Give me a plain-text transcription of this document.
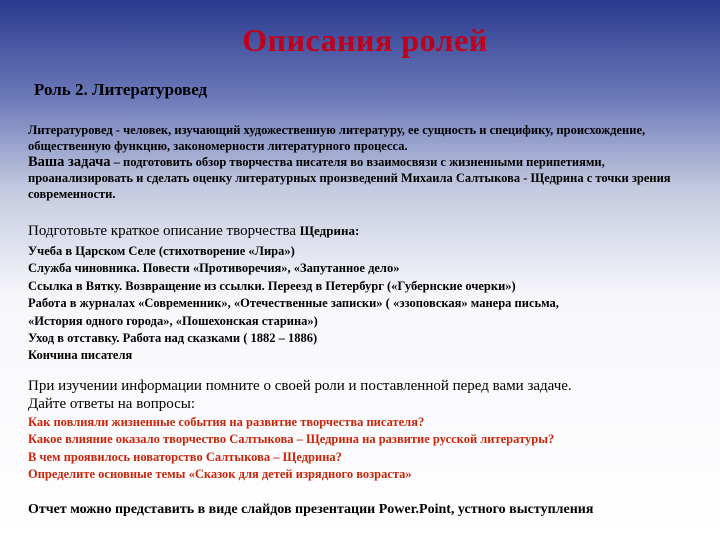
Описания ролей
Роль 2. Литературовед
Литературовед - человек, изучающий художественную литературу, ее сущность и специфику, происхождение, общественную функцию, закономерности литературного процесса.
Ваша задача – подготовить обзор творчества писателя во взаимосвязи с жизненными перипетиями, проанализировать и сделать оценку литературных произведений Михаила Салтыкова - Щедрина с точки зрения современности.
Подготовьте краткое описание творчества Щедрина:
Учеба в Царском Селе (стихотворение «Лира»)
Служба чиновника. Повести «Противоречия», «Запутанное дело»
Ссылка в Вятку. Возвращение из ссылки. Переезд в Петербург («Губернские очерки»)
Работа в журналах «Современник», «Отечественные записки» ( «эзоповская» манера письма,
«История одного города», «Пошехонская старина»)
Уход в отставку. Работа над сказками ( 1882 – 1886)
Кончина писателя
При изучении информации помните о своей роли и поставленной перед вами задаче.
Дайте ответы на вопросы:
Как повлияли жизненные события на развитие творчества писателя?
Какое влияние оказало творчество Салтыкова – Щедрина на развитие русской литературы?
В чем проявилось новаторство Салтыкова – Щедрина?
Определите основные темы «Сказок для детей изрядного возраста»
Отчет можно представить в виде слайдов презентации Power.Point, устного выступления
